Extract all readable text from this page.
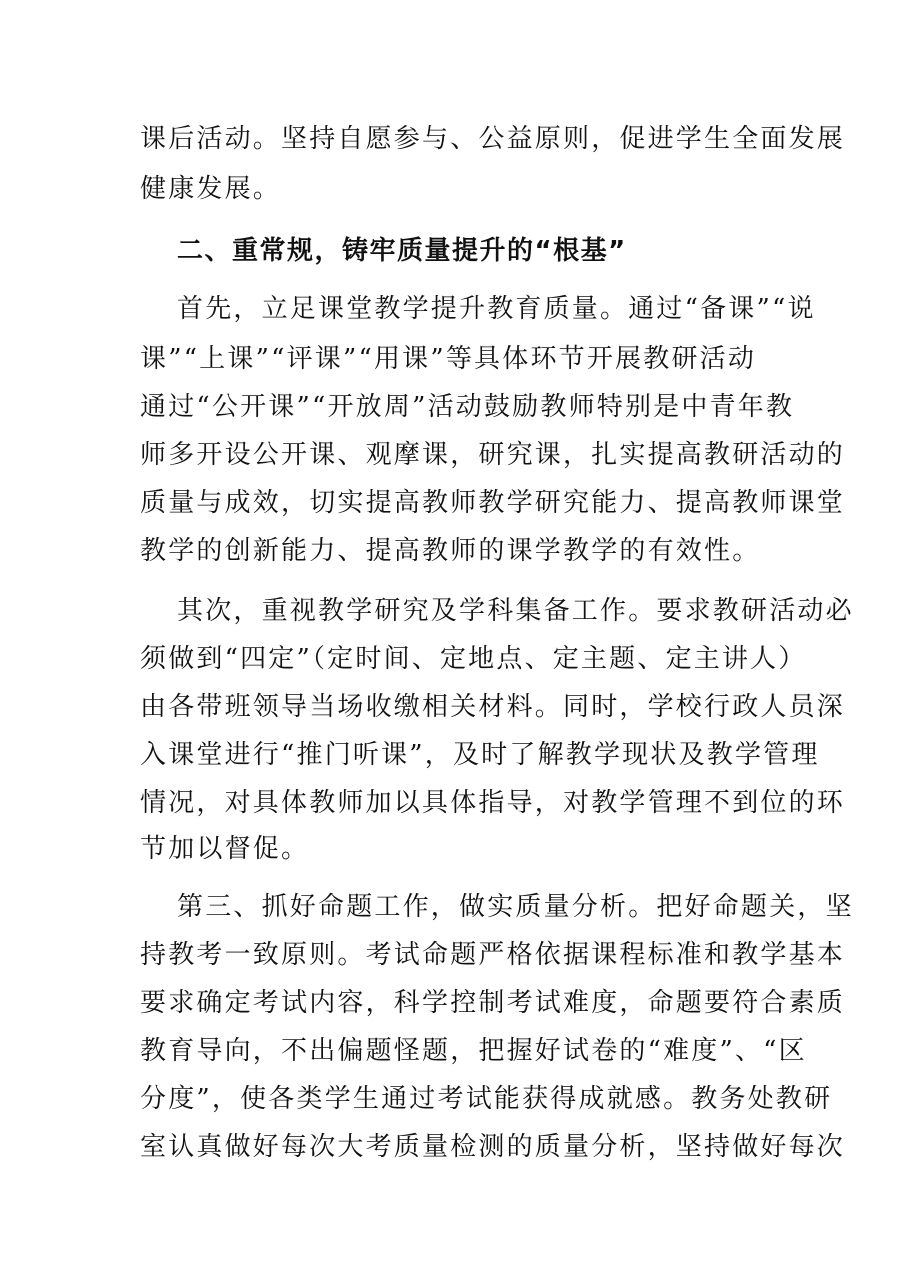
课后活动。坚持自愿参与、公益原则，促进学生全面发展
健康发展。
二、重常规，铸牢质量提升的“根基”
首先，立足课堂教学提升教育质量。通过“备课”“说
课”“上课”“评课”“用课”等具体环节开展教研活动
通过“公开课”“开放周”活动鼓励教师特别是中青年教
师多开设公开课、观摩课，研究课，扎实提高教研活动的
质量与成效，切实提高教师教学研究能力、提高教师课堂
教学的创新能力、提高教师的课学教学的有效性。
其次，重视教学研究及学科集备工作。要求教研活动必
须做到“四定”（定时间、定地点、定主题、定主讲人）
由各带班领导当场收缴相关材料。同时，学校行政人员深
入课堂进行“推门听课”，及时了解教学现状及教学管理
情况，对具体教师加以具体指导，对教学管理不到位的环
节加以督促。
第三、抓好命题工作，做实质量分析。把好命题关，坚
持教考一致原则。考试命题严格依据课程标准和教学基本
要求确定考试内容，科学控制考试难度，命题要符合素质
教育导向，不出偏题怪题，把握好试卷的“难度”、“区
分度”，使各类学生通过考试能获得成就感。教务处教研
室认真做好每次大考质量检测的质量分析，坚持做好每次
